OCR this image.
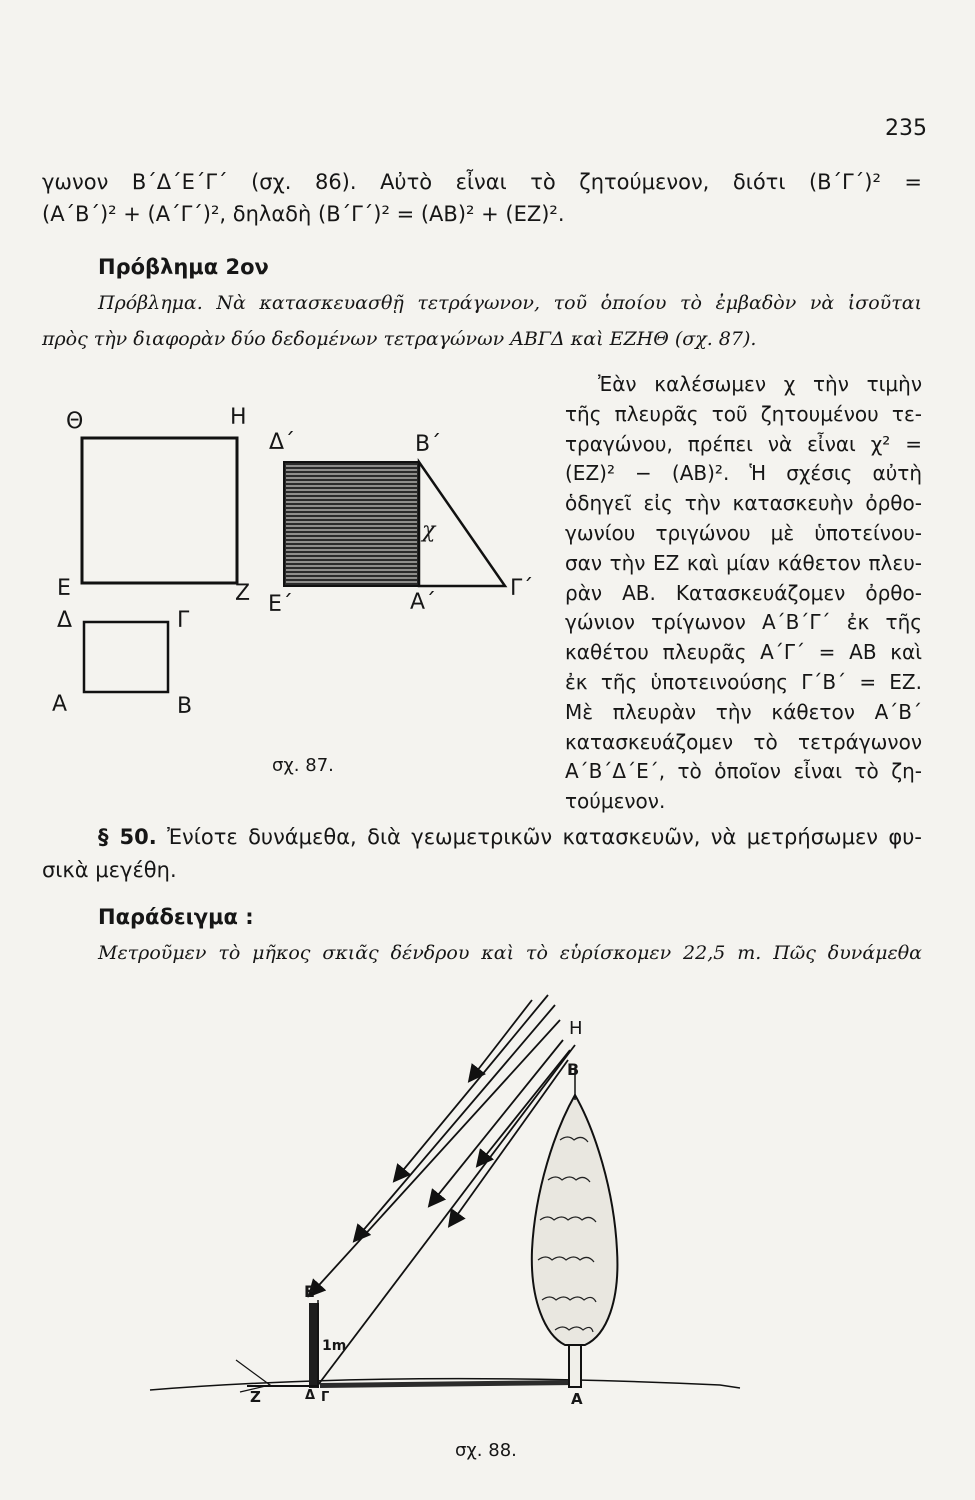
235
γωνον Β΄Δ΄Ε΄Γ΄ (σχ. 86). Αὐτὸ εἶναι τὸ ζητούμενον, διότι (Β΄Γ΄)² =
(Α΄Β΄)² + (Α΄Γ΄)², δηλαδὴ (Β΄Γ΄)² = (ΑΒ)² + (ΕΖ)².
Πρόβλημα 2ον
Πρόβλημα. Νὰ κατασκευασθῇ τετράγωνον, τοῦ ὁποίου τὸ ἐμβαδὸν νὰ ἰσοῦται
πρὸς τὴν διαφορὰν δύο δεδομένων τετραγώνων ΑΒΓΔ καὶ ΕΖΗΘ (σχ. 87).
Ἐὰν καλέσωμεν χ τὴν τιμὴν
τῆς πλευρᾶς τοῦ ζητουμένου τε-
τραγώνου, πρέπει νὰ εἶναι χ² =
(ΕΖ)² − (ΑΒ)². Ἡ σχέσις αὐτὴ
ὁδηγεῖ εἰς τὴν κατασκευὴν ὀρθο-
γωνίου τριγώνου μὲ ὑποτείνου-
σαν τὴν ΕΖ καὶ μίαν κάθετον πλευ-
ρὰν ΑΒ. Κατασκευάζομεν ὀρθο-
γώνιον τρίγωνον Α΄Β΄Γ΄ ἐκ τῆς
καθέτου πλευρᾶς Α΄Γ΄ = ΑΒ καὶ
ἐκ τῆς ὑποτεινούσης Γ΄Β΄ = ΕΖ.
Μὲ πλευρὰν τὴν κάθετον Α΄Β΄
κατασκευάζομεν τὸ τετράγωνον
Α΄Β΄Δ΄Ε΄, τὸ ὁποῖον εἶναι τὸ ζη-
τούμενον.
Θ	Η
Ε	Ζ
Δ	Γ
Α	Β
Δ΄	Β΄
Ε΄	Α΄
Γ΄
χ
σχ. 87.
§ 50. Ἐνίοτε δυνάμεθα, διὰ γεωμετρικῶν κατασκευῶν, νὰ μετρήσωμεν φυ-
σικὰ μεγέθη.
Παράδειγμα :
Μετροῦμεν τὸ μῆκος σκιᾶς δένδρου καὶ τὸ εὑρίσκομεν 22,5 m. Πῶς δυνάμεθα
Η
Β
Ε
1m
Ζ	Δ Γ	Α
σχ. 88.
